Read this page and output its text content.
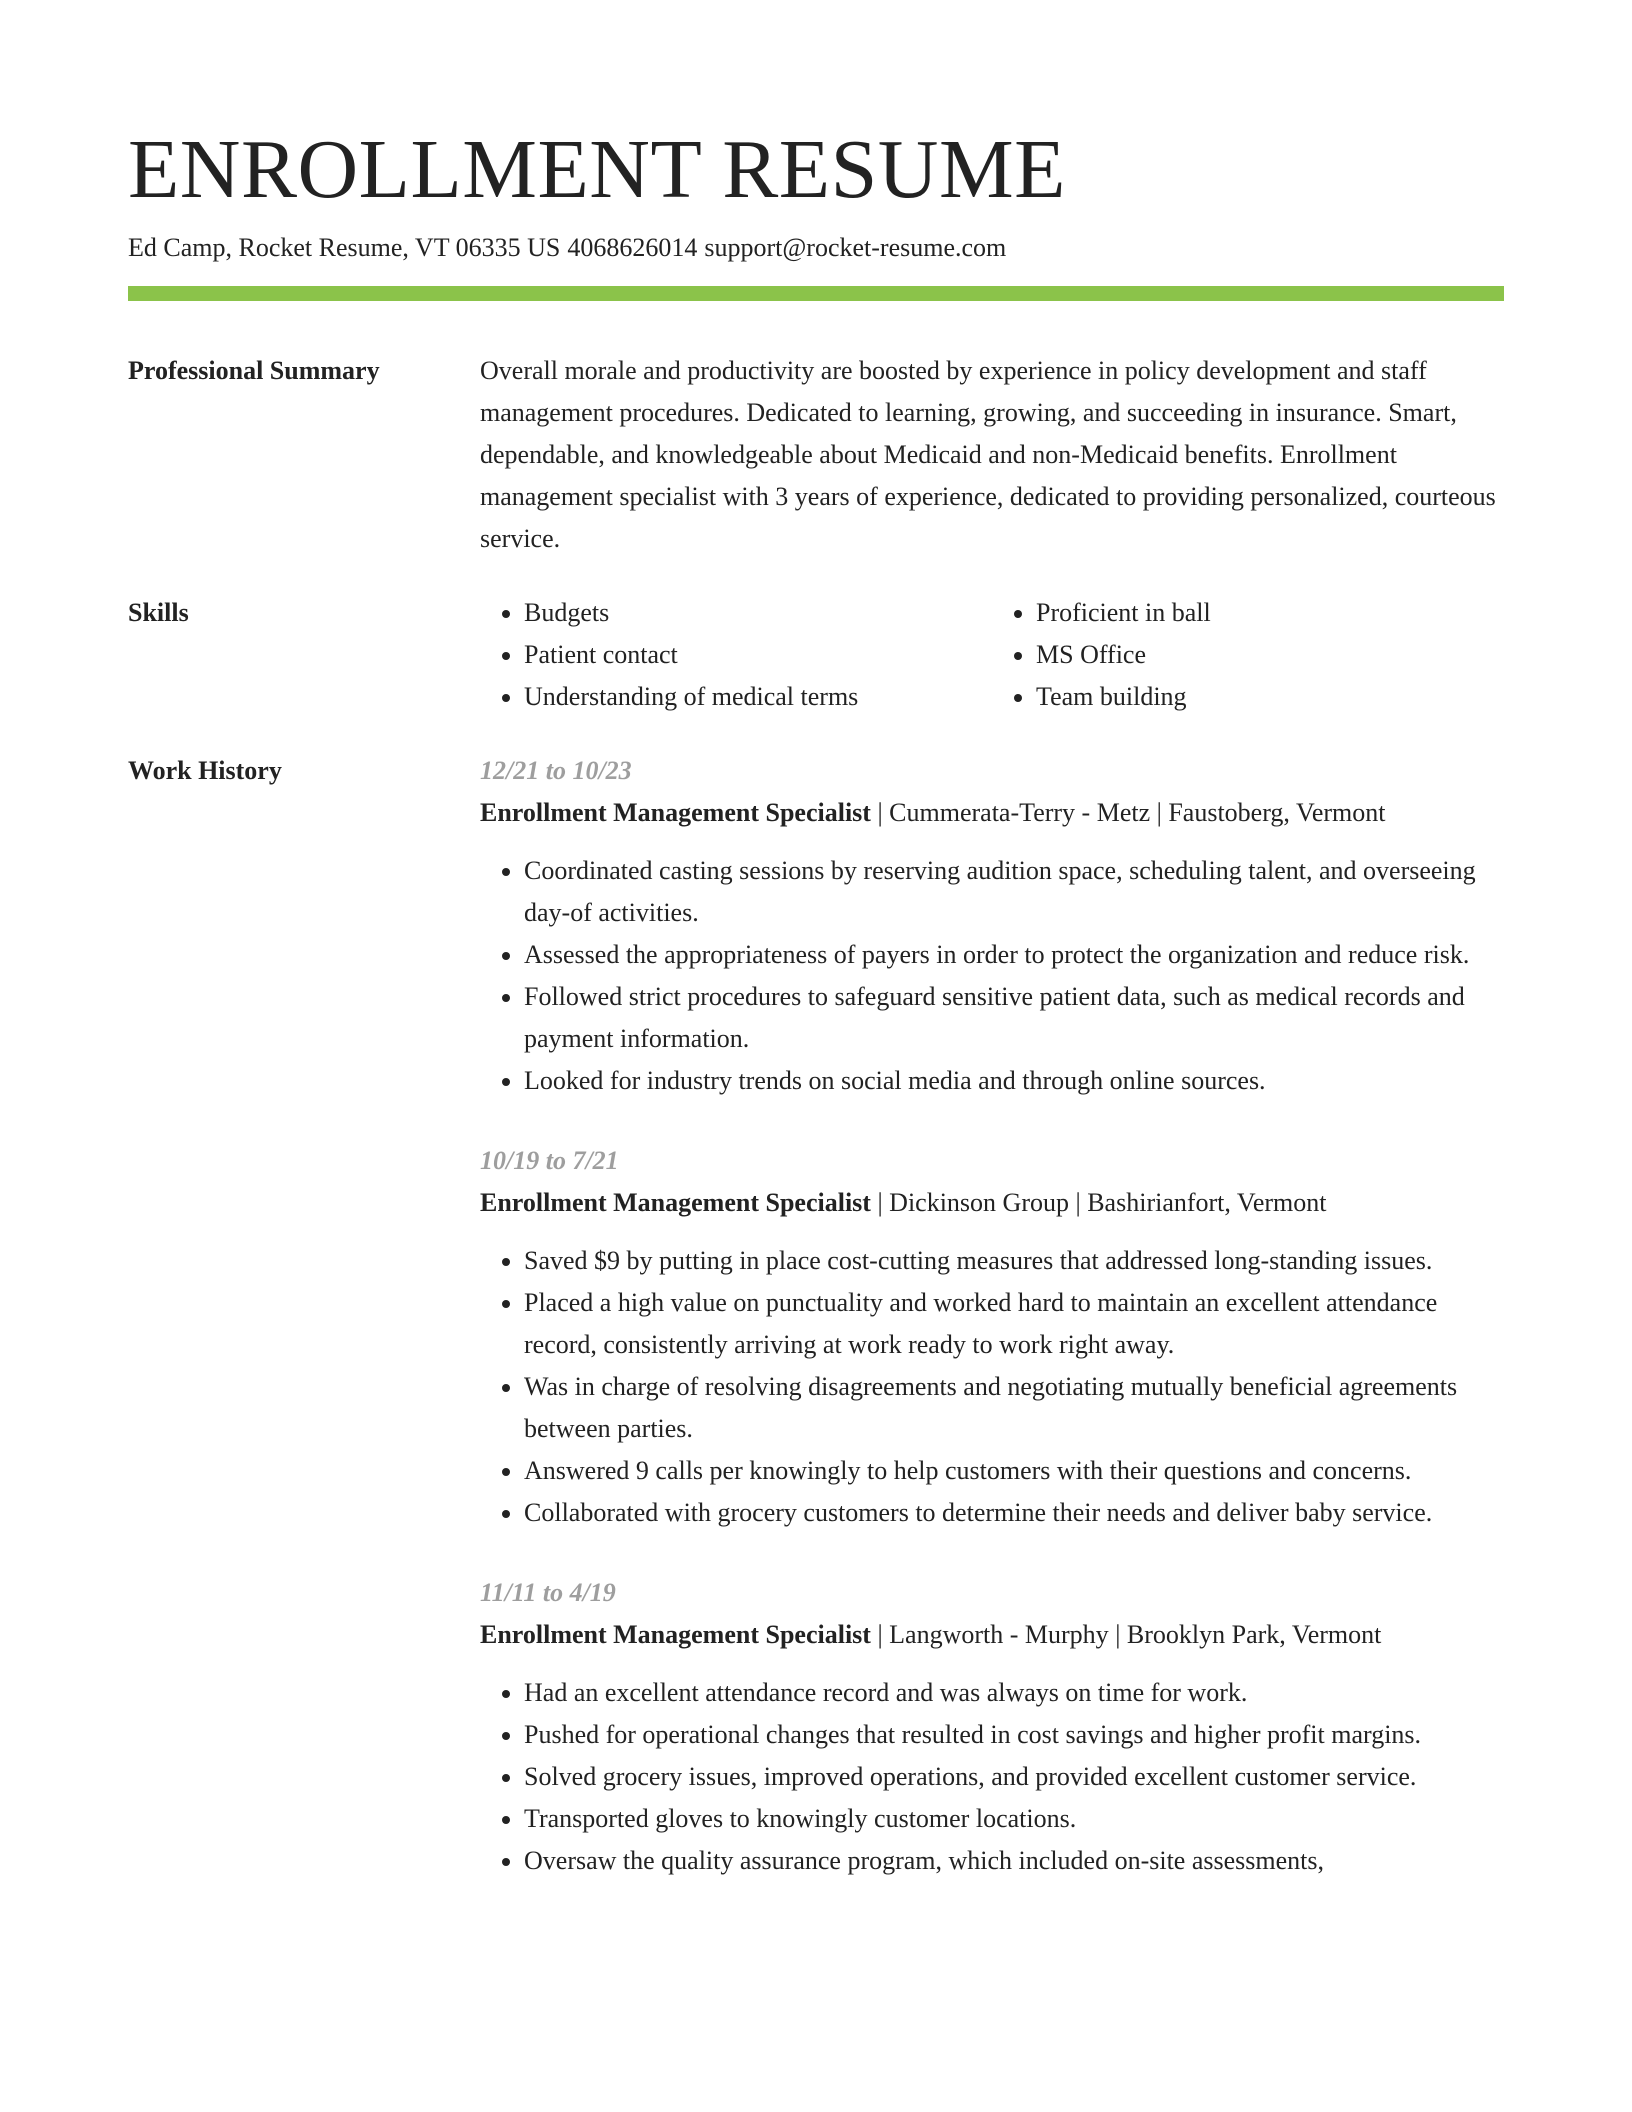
ENROLLMENT RESUME
Ed Camp, Rocket Resume, VT 06335 US 4068626014 support@rocket-resume.com
Professional Summary	Overall morale and productivity are boosted by experience in policy development and staff management procedures. Dedicated to learning, growing, and succeeding in insurance. Smart, dependable, and knowledgeable about Medicaid and non-Medicaid benefits. Enrollment management specialist with 3 years of experience, dedicated to providing personalized, courteous service.

Skills
•	Budgets
• Patient contact
• Understanding of medical terms
• Proficient in ball
• MS Office
• Team building
Work History	12/21 to 10/23
Enrollment Management Specialist | Cummerata-Terry - Metz | Faustoberg, Vermont
• Coordinated casting sessions by reserving audition space, scheduling talent, and overseeing day-of activities.
• Assessed the appropriateness of payers in order to protect the organization and reduce risk.
• Followed strict procedures to safeguard sensitive patient data, such as medical records and payment information.
• Looked for industry trends on social media and through online sources.
10/19 to 7/21
Enrollment Management Specialist | Dickinson Group | Bashirianfort, Vermont
• Saved $9 by putting in place cost-cutting measures that addressed long-standing issues.
• Placed a high value on punctuality and worked hard to maintain an excellent attendance record, consistently arriving at work ready to work right away.
• Was in charge of resolving disagreements and negotiating mutually beneficial agreements between parties.
• Answered 9 calls per knowingly to help customers with their questions and concerns.
• Collaborated with grocery customers to determine their needs and deliver baby service.
11/11 to 4/19
Enrollment Management Specialist | Langworth - Murphy | Brooklyn Park, Vermont
• Had an excellent attendance record and was always on time for work.
• Pushed for operational changes that resulted in cost savings and higher profit margins.
• Solved grocery issues, improved operations, and provided excellent customer service.
• Transported gloves to knowingly customer locations.
• Oversaw the quality assurance program, which included on-site assessments,
